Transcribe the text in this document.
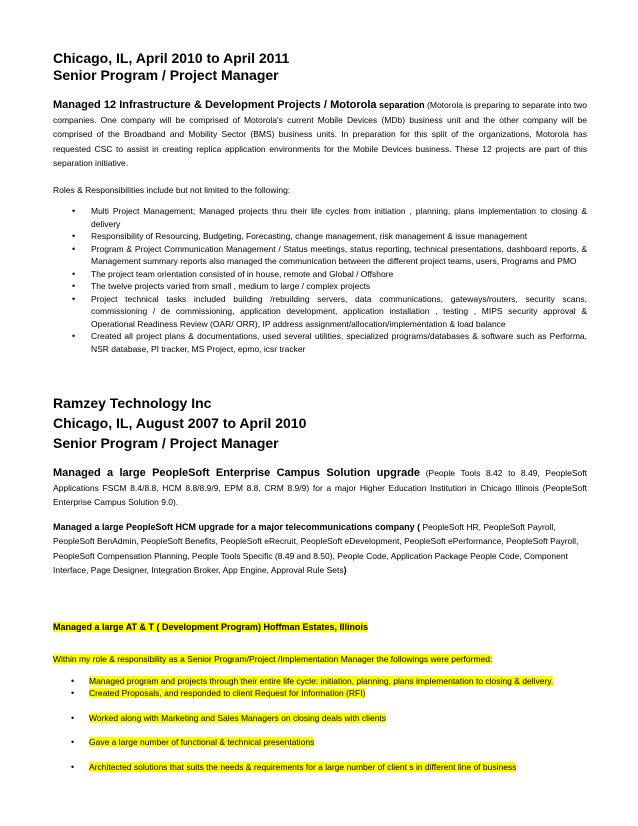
Chicago, IL, April 2010 to April 2011

Senior Program / Project Manager

Managed 12 Infrastructure & Development Projects / Motorola separation (Motorola is preparing to separate into two companies. One company will be comprised of Motorola's current Mobile Devices (MDb) business unit and the other company will be comprised of the Broadband and Mobility Sector (BMS) business units. In preparation for this split of the organizations, Motorola has requested CSC to assist in creating replica application environments for the Mobile Devices business. These 12 projects are part of this separation initiative.

Roles & Responsibilities include but not limited to the following:

• Multi Project Management; Managed projects thru their life cycles from initiation , planning, plans implementation to closing & delivery
• Responsibility of Resourcing, Budgeting, Forecasting, change management, risk management & issue management
• Program & Project Communication Management / Status meetings, status reporting, technical presentations, dashboard reports, & Management summary reports also managed the communication between the different project teams, users, Programs and PMO
• The project team orientation consisted of in house, remote and Global / Offshore
• The twelve projects varied from small , medium to large / complex projects
• Project technical tasks included building /rebuilding servers, data communications, gateways/routers, security scans, commissioning / de commissioning, application development, application installation , testing , MIPS security approval & Operational Readiness Review (OAR/ ORR), IP address assignment/allocation/implementation & load balance
• Created all project plans & documentations, used several utilities, specialized programs/databases & software such as Performa, NSR database, PI tracker, MS Project, epmo, icsr tracker

Ramzey Technology Inc

Chicago, IL, August 2007 to April 2010

Senior Program / Project Manager

Managed a large PeopleSoft Enterprise Campus Solution upgrade (People Tools 8.42 to 8.49, PeopleSoft Applications FSCM 8.4/8.8, HCM 8.8/8.9/9, EPM 8.8, CRM 8.9/9) for a major Higher Education Institution in Chicago Illinois (PeopleSoft Enterprise Campus Solution 9.0).

Managed a large PeopleSoft HCM upgrade for a major telecommunications company ( PeopleSoft HR, PeopleSoft Payroll, PeopleSoft BenAdmin, PeopleSoft Benefits, PeopleSoft eRecruit, PeopleSoft eDevelopment, PeopleSoft ePerformance, PeopleSoft Payroll, PeopleSoft Compensation Planning, People Tools Specific (8.49 and 8.50), People Code, Application Package People Code, Component Interface, Page Designer, Integration Broker, App Engine, Approval Rule Sets)

Managed a large AT & T ( Development Program) Hoffman Estates, Illinois

Within my role & responsibility as a Senior Program/Project /Implementation Manager the followings were performed:

• Managed program and projects through their entire life cycle: initiation, planning, plans implementation to closing & delivery.
• Created Proposals, and responded to client Request for Information (RFI)
• Worked along with Marketing and Sales Managers on closing deals with clients
• Gave a large number of functional & technical presentations
• Architected solutions that suits the needs & requirements for a large number of client s in different line of business
